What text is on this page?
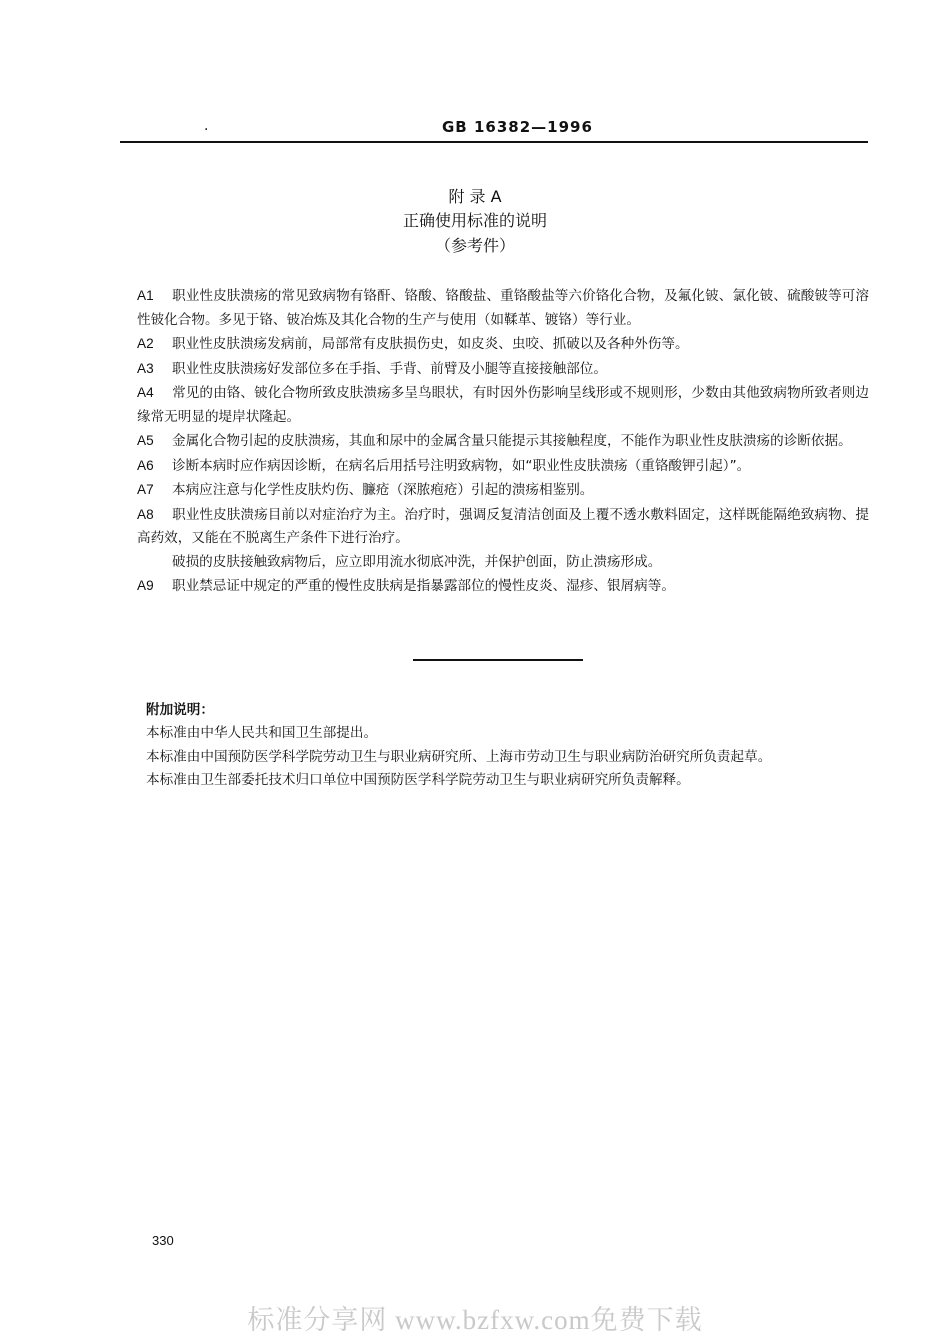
.	GB 16382—1996
附 录 A
正确使用标准的说明
（参考件）

A1 职业性皮肤溃疡的常见致病物有铬酐、铬酸、铬酸盐、重铬酸盐等六价铬化合物，及氟化铍、氯化铍、硫酸铍等可溶性铍化合物。多见于铬、铍冶炼及其化合物的生产与使用（如鞣革、镀铬）等行业。

A2 职业性皮肤溃疡发病前，局部常有皮肤损伤史，如皮炎、虫咬、抓破以及各种外伤等。

A3 职业性皮肤溃疡好发部位多在手指、手背、前臂及小腿等直接接触部位。

A4 常见的由铬、铍化合物所致皮肤溃疡多呈鸟眼状，有时因外伤影响呈线形或不规则形，少数由其他致病物所致者则边缘常无明显的堤岸状隆起。

A5 金属化合物引起的皮肤溃疡，其血和尿中的金属含量只能提示其接触程度，不能作为职业性皮肤溃疡的诊断依据。

A6 诊断本病时应作病因诊断，在病名后用括号注明致病物，如“职业性皮肤溃疡（重铬酸钾引起）”。

A7 本病应注意与化学性皮肤灼伤、臁疮（深脓疱疮）引起的溃疡相鉴别。

A8 职业性皮肤溃疡目前以对症治疗为主。治疗时，强调反复清洁创面及上覆不透水敷料固定，这样既能隔绝致病物、提高药效，又能在不脱离生产条件下进行治疗。

破损的皮肤接触致病物后，应立即用流水彻底冲洗，并保护创面，防止溃疡形成。

A9 职业禁忌证中规定的严重的慢性皮肤病是指暴露部位的慢性皮炎、湿疹、银屑病等。

附加说明：

本标准由中华人民共和国卫生部提出。

本标准由中国预防医学科学院劳动卫生与职业病研究所、上海市劳动卫生与职业病防治研究所负责起草。

本标准由卫生部委托技术归口单位中国预防医学科学院劳动卫生与职业病研究所负责解释。

330
标准分享网 www.bzfxw.com免费下载
